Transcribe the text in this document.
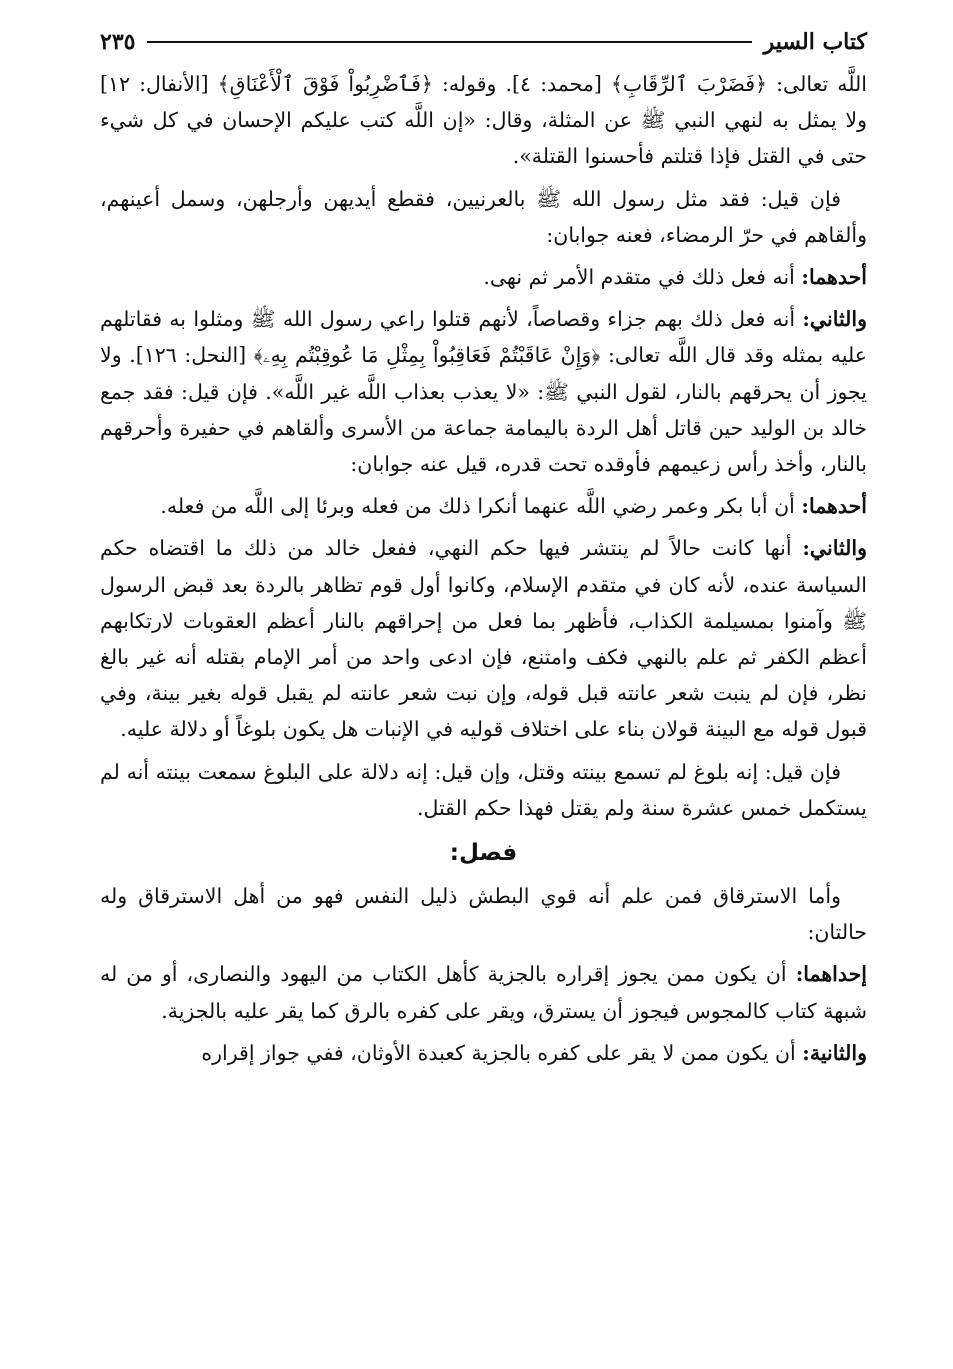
كتاب السير
٢٣٥

اللَّه تعالى: ﴿فَضَرْبَ ٱلرِّقَابِ﴾ [محمد: ٤]. وقوله: ﴿فَٱضْرِبُواْ فَوْقَ ٱلْأَعْنَاقِ﴾ [الأنفال: ١٢] ولا يمثل به لنهي النبي ﷺ عن المثلة، وقال: «إن اللَّه كتب عليكم الإحسان في كل شيء حتى في القتل فإذا قتلتم فأحسنوا القتلة».

فإن قيل: فقد مثل رسول الله ﷺ بالعرنيين، فقطع أيديهن وأرجلهن، وسمل أعينهم، وألقاهم في حرّ الرمضاء، فعنه جوابان:

أحدهما: أنه فعل ذلك في متقدم الأمر ثم نهى.

والثاني: أنه فعل ذلك بهم جزاء وقصاصاً، لأنهم قتلوا راعي رسول الله ﷺ ومثلوا به فقاتلهم عليه بمثله وقد قال اللَّه تعالى: ﴿وَإِنْ عَاقَبْتُمْ فَعَاقِبُواْ بِمِثْلِ مَا عُوقِبْتُم بِهِۦ﴾ [النحل: ١٢٦]. ولا يجوز أن يحرقهم بالنار، لقول النبي ﷺ: «لا يعذب بعذاب اللَّه غير اللَّه». فإن قيل: فقد جمع خالد بن الوليد حين قاتل أهل الردة باليمامة جماعة من الأسرى وألقاهم في حفيرة وأحرقهم بالنار، وأخذ رأس زعيمهم فأوقده تحت قدره، قيل عنه جوابان:

أحدهما: أن أبا بكر وعمر رضي اللَّه عنهما أنكرا ذلك من فعله وبرئا إلى اللَّه من فعله.

والثاني: أنها كانت حالاً لم ينتشر فيها حكم النهي، ففعل خالد من ذلك ما اقتضاه حكم السياسة عنده، لأنه كان في متقدم الإسلام، وكانوا أول قوم تظاهر بالردة بعد قبض الرسول ﷺ وآمنوا بمسيلمة الكذاب، فأظهر بما فعل من إحراقهم بالنار أعظم العقوبات لارتكابهم أعظم الكفر ثم علم بالنهي فكف وامتنع، فإن ادعى واحد من أمر الإمام بقتله أنه غير بالغ نظر، فإن لم ينبت شعر عانته قبل قوله، وإن نبت شعر عانته لم يقبل قوله بغير بينة، وفي قبول قوله مع البينة قولان بناء على اختلاف قوليه في الإنبات هل يكون بلوغاً أو دلالة عليه.

فإن قيل: إنه بلوغ لم تسمع بينته وقتل، وإن قيل: إنه دلالة على البلوغ سمعت بينته أنه لم يستكمل خمس عشرة سنة ولم يقتل فهذا حكم القتل.

فصل:

وأما الاسترقاق فمن علم أنه قوي البطش ذليل النفس فهو من أهل الاسترقاق وله حالتان:

إحداهما: أن يكون ممن يجوز إقراره بالجزية كأهل الكتاب من اليهود والنصارى، أو من له شبهة كتاب كالمجوس فيجوز أن يسترق، ويقر على كفره بالرق كما يقر عليه بالجزية.

والثانية: أن يكون ممن لا يقر على كفره بالجزية كعبدة الأوثان، ففي جواز إقراره
